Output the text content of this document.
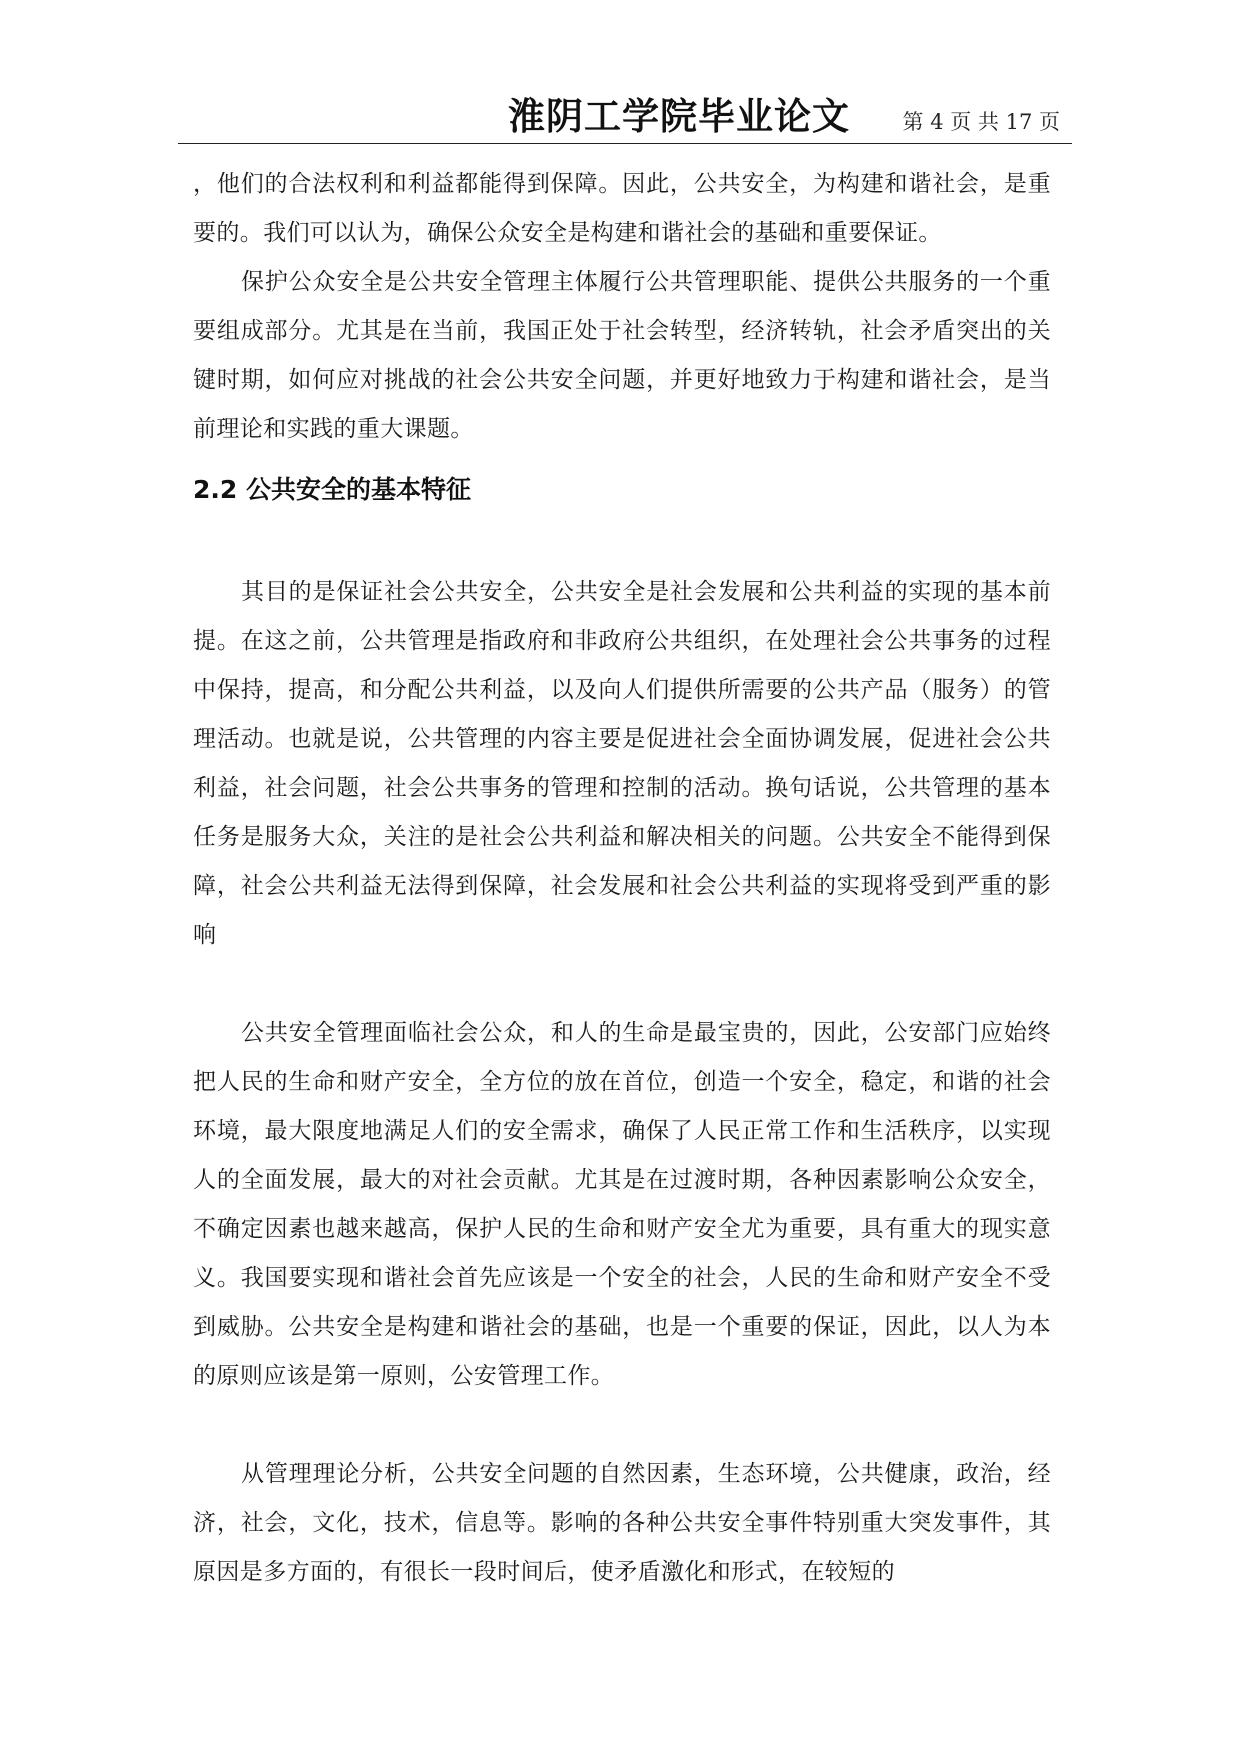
淮阴工学院毕业论文	第 4 页 共 17 页

，他们的合法权利和利益都能得到保障。因此，公共安全，为构建和谐社会，是重要的。我们可以认为，确保公众安全是构建和谐社会的基础和重要保证。

保护公众安全是公共安全管理主体履行公共管理职能、提供公共服务的一个重要组成部分。尤其是在当前，我国正处于社会转型，经济转轨，社会矛盾突出的关键时期，如何应对挑战的社会公共安全问题，并更好地致力于构建和谐社会，是当前理论和实践的重大课题。

2.2 公共安全的基本特征

其目的是保证社会公共安全，公共安全是社会发展和公共利益的实现的基本前提。在这之前，公共管理是指政府和非政府公共组织，在处理社会公共事务的过程中保持，提高，和分配公共利益，以及向人们提供所需要的公共产品（服务）的管理活动。也就是说，公共管理的内容主要是促进社会全面协调发展，促进社会公共利益，社会问题，社会公共事务的管理和控制的活动。换句话说，公共管理的基本任务是服务大众，关注的是社会公共利益和解决相关的问题。公共安全不能得到保障，社会公共利益无法得到保障，社会发展和社会公共利益的实现将受到严重的影响

公共安全管理面临社会公众，和人的生命是最宝贵的，因此，公安部门应始终把人民的生命和财产安全，全方位的放在首位，创造一个安全，稳定，和谐的社会环境，最大限度地满足人们的安全需求，确保了人民正常工作和生活秩序，以实现人的全面发展，最大的对社会贡献。尤其是在过渡时期，各种因素影响公众安全，不确定因素也越来越高，保护人民的生命和财产安全尤为重要，具有重大的现实意义。我国要实现和谐社会首先应该是一个安全的社会，人民的生命和财产安全不受到威胁。公共安全是构建和谐社会的基础，也是一个重要的保证，因此，以人为本的原则应该是第一原则，公安管理工作。

从管理理论分析，公共安全问题的自然因素，生态环境，公共健康，政治，经济，社会，文化，技术，信息等。影响的各种公共安全事件特别重大突发事件，其原因是多方面的，有很长一段时间后，使矛盾激化和形式，在较短的
